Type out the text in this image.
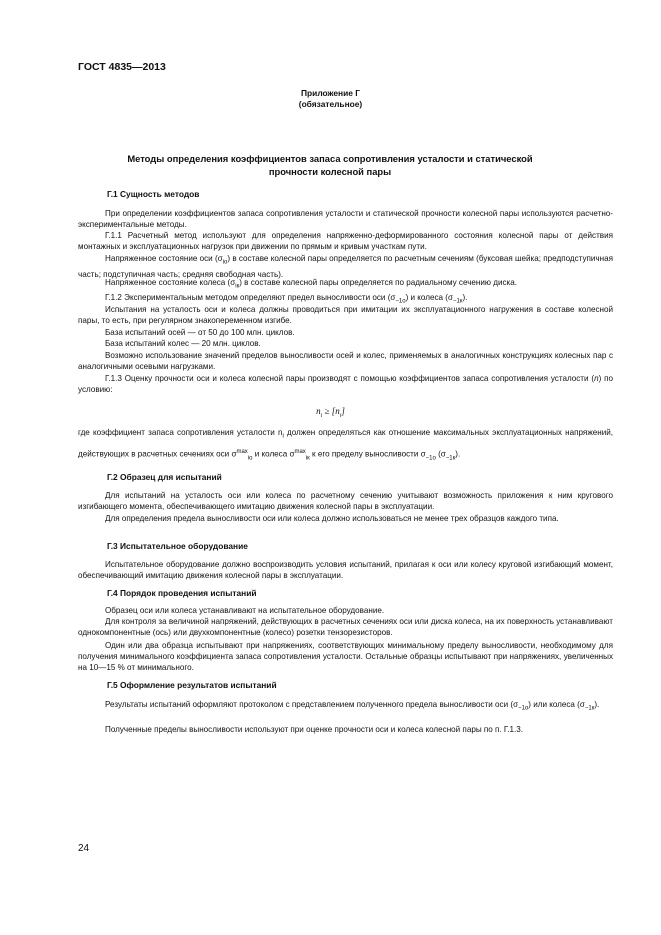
ГОСТ 4835—2013
Приложение Г
(обязательное)
Методы определения коэффициентов запаса сопротивления усталости и статической
прочности колесной пары
Г.1 Сущность методов
При определении коэффициентов запаса сопротивления усталости и статической прочности колесной пары используются расчетно-экспериментальные методы.
Г.1.1 Расчетный метод используют для определения напряженно-деформированного состояния колесной пары от действия монтажных и эксплуатационных нагрузок при движении по прямым и кривым участкам пути.
Напряженное состояние оси $(\sigma_{iо})$ в составе колесной пары определяется по расчетным сечениям (буксовая шейка; предподступичная часть; подступичная часть; средняя свободная часть).
Напряженное состояние колеса $(\sigma_{iк})$ в составе колесной пары определяется по радиальному сечению диска.
Г.1.2 Экспериментальным методом определяют предел выносливости оси $(\sigma_{-1о})$ и колеса $(\sigma_{-1к})$.
Испытания на усталость оси и колеса должны проводиться при имитации их эксплуатационного нагружения в составе колесной пары, то есть, при регулярном знакопеременном изгибе.
База испытаний осей — от 50 до 100 млн. циклов.
База испытаний колес — 20 млн. циклов.
Возможно использование значений пределов выносливости осей и колес, применяемых в аналогичных конструкциях колесных пар с аналогичными осевыми нагрузками.
Г.1.3 Оценку прочности оси и колеса колесной пары производят с помощью коэффициентов запаса сопротивления усталости (n) по условию:
$n_i \ge [n_i]$
где коэффициент запаса сопротивления усталости $n_i$ должен определяться как отношение максимальных эксплуатационных напряжений, действующих в расчетных сечениях оси $\sigma^{max}_{iо}$ и колеса $\sigma^{max}_{iк}$ к его пределу выносливости $\sigma_{-1о}$ $(\sigma_{-1к})$.
Г.2 Образец для испытаний
Для испытаний на усталость оси или колеса по расчетному сечению учитывают возможность приложения к ним кругового изгибающего момента, обеспечивающего имитацию движения колесной пары в эксплуатации.
Для определения предела выносливости оси или колеса должно использоваться не менее трех образцов каждого типа.
Г.3 Испытательное оборудование
Испытательное оборудование должно воспроизводить условия испытаний, прилагая к оси или колесу круговой изгибающий момент, обеспечивающий имитацию движения колесной пары в эксплуатации.
Г.4 Порядок проведения испытаний
Образец оси или колеса устанавливают на испытательное оборудование.
Для контроля за величиной напряжений, действующих в расчетных сечениях оси или диска колеса, на их поверхность устанавливают однокомпонентные (ось) или двухкомпонентные (колесо) розетки тензорезисторов.
Один или два образца испытывают при напряжениях, соответствующих минимальному пределу выносливости, необходимому для получения минимального коэффициента запаса сопротивления усталости. Остальные образцы испытывают при напряжениях, увеличенных на 10—15 % от минимального.
Г.5 Оформление результатов испытаний
Результаты испытаний оформляют протоколом с представлением полученного предела выносливости оси $(\sigma_{-1о})$ или колеса $(\sigma_{-1к})$.
Полученные пределы выносливости используют при оценке прочности оси и колеса колесной пары по п. Г.1.3.
24
